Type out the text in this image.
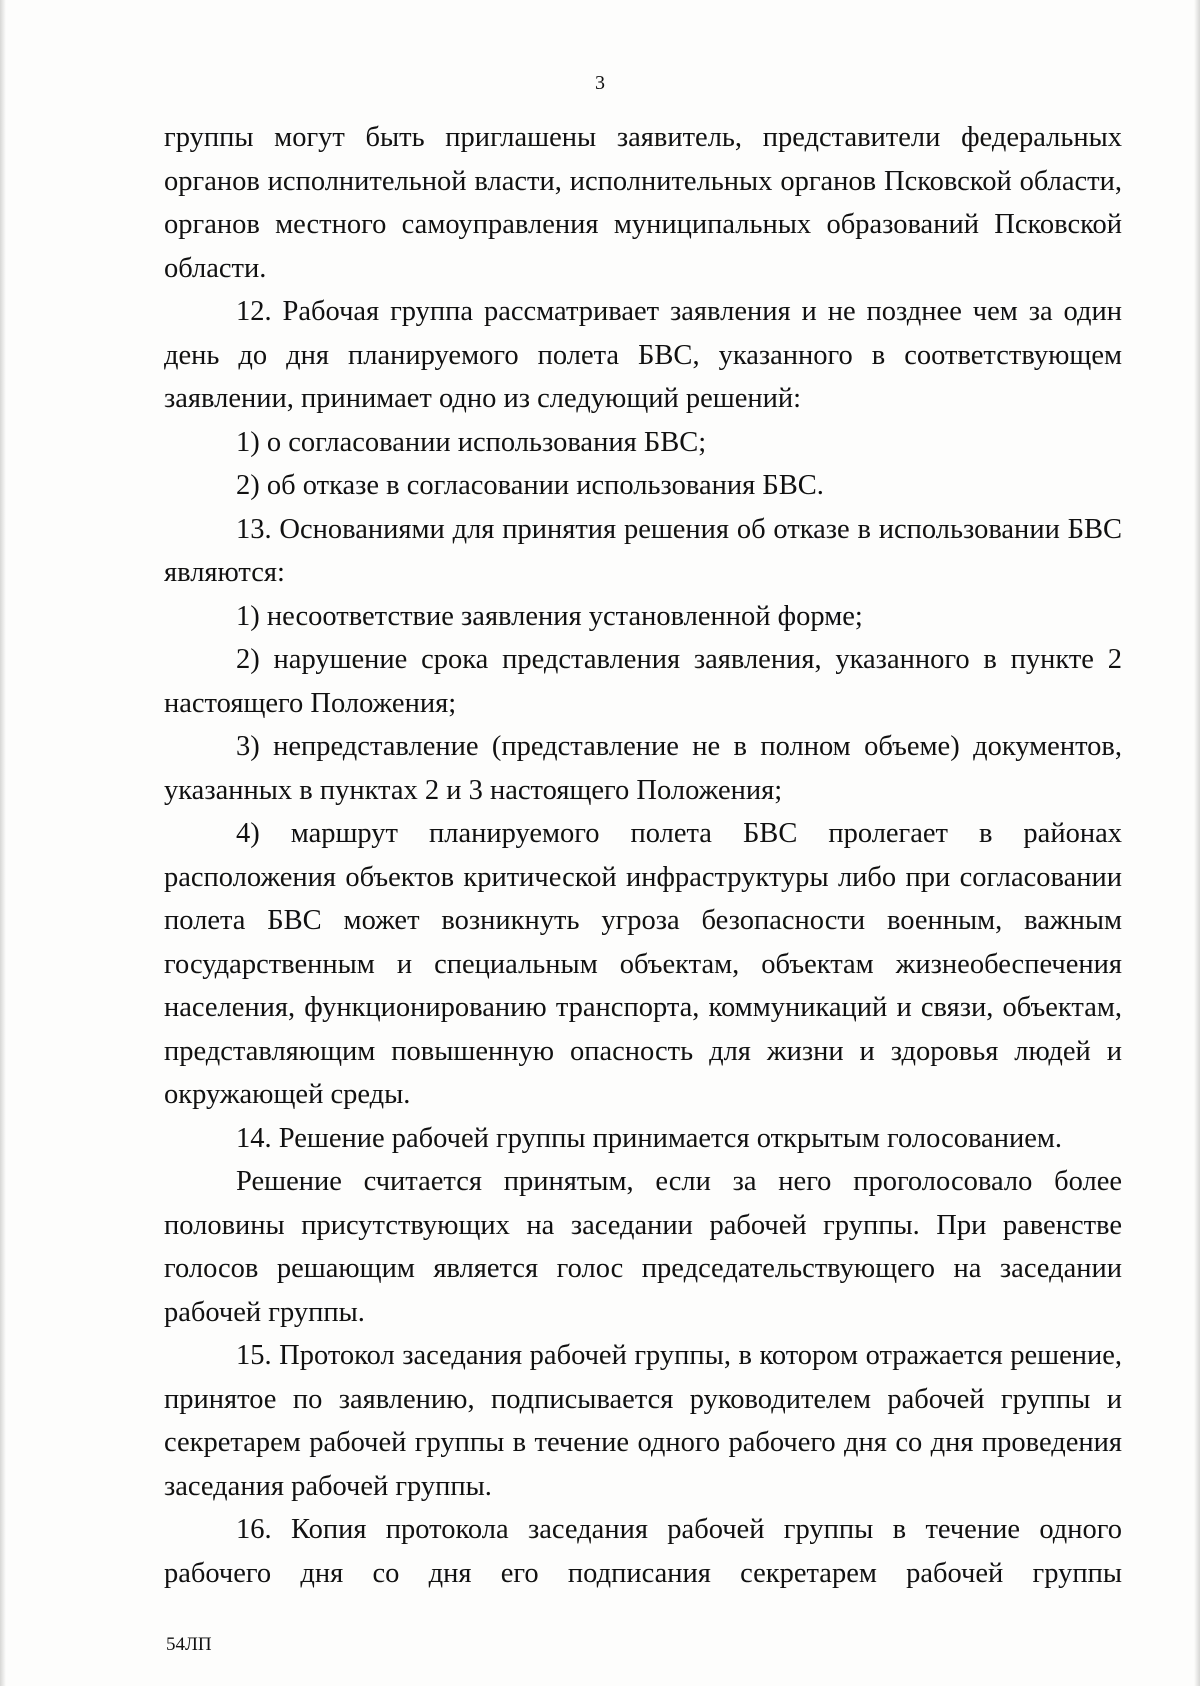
3

группы могут быть приглашены заявитель, представители федеральных органов исполнительной власти, исполнительных органов Псковской области, органов местного самоуправления муниципальных образований Псковской области.

12. Рабочая группа рассматривает заявления и не позднее чем за один день до дня планируемого полета БВС, указанного в соответствующем заявлении, принимает одно из следующий решений:

1) о согласовании использования БВС;

2) об отказе в согласовании использования БВС.

13. Основаниями для принятия решения об отказе в использовании БВС являются:

1) несоответствие заявления установленной форме;

2) нарушение срока представления заявления, указанного в пункте 2 настоящего Положения;

3) непредставление (представление не в полном объеме) документов, указанных в пунктах 2 и 3 настоящего Положения;

4) маршрут планируемого полета БВС пролегает в районах расположения объектов критической инфраструктуры либо при согласовании полета БВС может возникнуть угроза безопасности военным, важным государственным и специальным объектам, объектам жизнеобеспечения населения, функционированию транспорта, коммуникаций и связи, объектам, представляющим повышенную опасность для жизни и здоровья людей и окружающей среды.

14. Решение рабочей группы принимается открытым голосованием.

Решение считается принятым, если за него проголосовало более половины присутствующих на заседании рабочей группы. При равенстве голосов решающим является голос председательствующего на заседании рабочей группы.

15. Протокол заседания рабочей группы, в котором отражается решение, принятое по заявлению, подписывается руководителем рабочей группы и секретарем рабочей группы в течение одного рабочего дня со дня проведения заседания рабочей группы.

16. Копия протокола заседания рабочей группы в течение одного рабочего дня со дня его подписания секретарем рабочей группы

54ЛП
